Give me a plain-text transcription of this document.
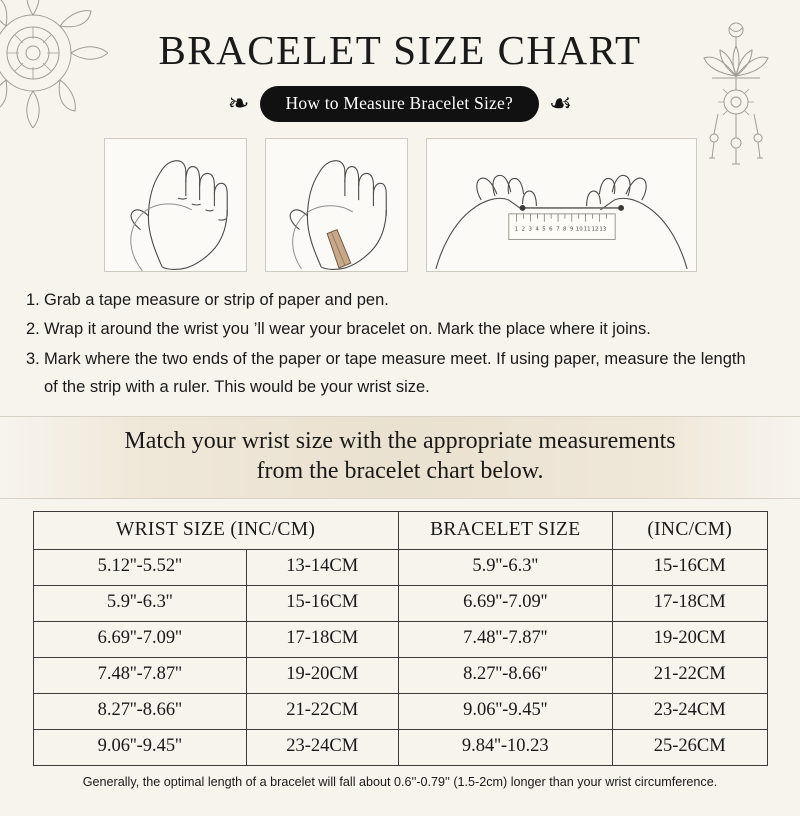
BRACELET SIZE CHART
❧	How to Measure Bracelet Size?	☙
1 2 3 4 5 6 7 8 9 10 11 12 13
1. Grab a tape measure or strip of paper and pen.
2. Wrap it around the wrist you ’ll wear your bracelet on. Mark the place where it joins.
3. Mark where the two ends of the paper or tape measure meet. If using paper, measure the length of the strip with a ruler. This would be your wrist size.
Match your wrist size with the appropriate measurements
from the bracelet chart below.
WRIST SIZE (INC/CM)		BRACELET SIZE	(INC/CM)
5.12''-5.52''	13-14CM	5.9''-6.3''	15-16CM
5.9''-6.3''	15-16CM	6.69''-7.09''	17-18CM
6.69''-7.09''	17-18CM	7.48''-7.87''	19-20CM
7.48''-7.87''	19-20CM	8.27''-8.66''	21-22CM
8.27''-8.66''	21-22CM	9.06''-9.45''	23-24CM
9.06''-9.45''	23-24CM	9.84''-10.23	25-26CM
Generally, the optimal length of a bracelet will fall about 0.6''-0.79'' (1.5-2cm) longer than your wrist circumference.
